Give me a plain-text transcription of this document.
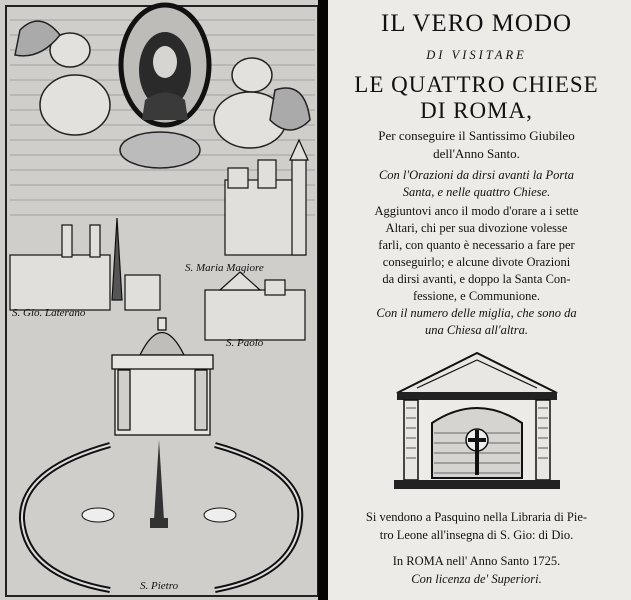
S. Maria Magiore
S. Gio. Laterano
S. Paolo
S. Pietro
IL VERO MODO
DI VISITARE
LE QUATTRO CHIESE
DI ROMA,
Per conseguire il Santissimo Giubileo
dell'Anno Santo.
Con l'Orazioni da dirsi avanti la Porta
Santa, e nelle quattro Chiese.
Aggiuntovi anco il modo d'orare a i sette
Altari, chi per sua divozione volesse
farli, con quanto è necessario a fare per
conseguirlo; e alcune divote Orazioni
da dirsi avanti, e doppo la Santa Con-
fessione, e Communione.
Con il numero delle miglia, che sono da
una Chiesa all'altra.
Si vendono a Pasquino nella Libraria di Pie-
tro Leone all'insegna di S. Gio: di Dio.
In ROMA nell' Anno Santo 1725.
Con licenza de' Superiori.
